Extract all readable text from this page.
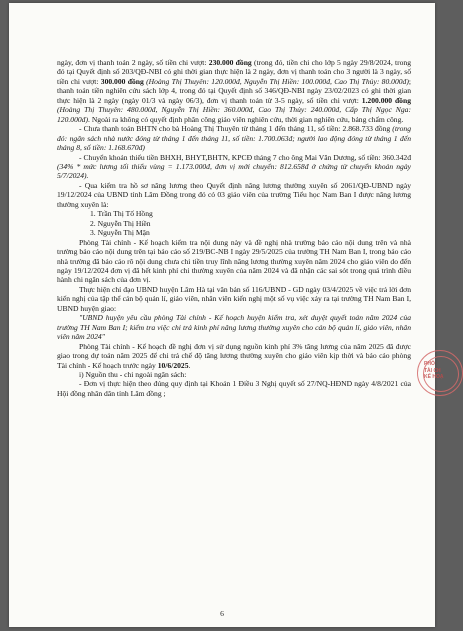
ngày, đơn vị thanh toán 2 ngày, số tiền chi vượt: 230.000 đồng (trong đó, tiền chi cho lớp 5 ngày 29/8/2024, trong đó tại Quyết định số 203/QĐ-NBI có ghi thời gian thực hiện là 2 ngày, đơn vị thanh toán cho 3 người là 3 ngày, số tiền chi vượt: 300.000 đồng (Hoàng Thị Thuyên: 120.000đ, Nguyễn Thị Hiền: 100.000đ, Cao Thị Thủy: 80.000đ); thanh toán tiền nghiên cứu sách lớp 4, trong đó tại Quyết định số 346/QĐ-NBI ngày 23/02/2023 có ghi thời gian thực hiện là 2 ngày (ngày 01/3 và ngày 06/3), đơn vị thanh toán từ 3-5 ngày, số tiền chi vượt: 1.200.000 đồng (Hoàng Thị Thuyên: 480.000đ, Nguyễn Thị Hiền: 360.000đ, Cao Thị Thủy: 240.000đ, Cấp Thị Ngọc Nga: 120.000đ). Ngoài ra không có quyết định phân công giáo viên nghiên cứu, thời gian nghiên cứu, bảng chấm công.

- Chưa thanh toán BHTN cho bà Hoàng Thị Thuyên từ tháng 1 đến tháng 11, số tiền: 2.868.733 đồng (trong đó: ngân sách nhà nước đóng từ tháng 1 đến tháng 11, số tiền: 1.700.063đ; người lao động đóng từ tháng 1 đến tháng 8, số tiền: 1.168.670đ)

- Chuyển khoản thiếu tiền BHXH, BHYT,BHTN, KPCĐ tháng 7 cho ông Mai Văn Dương, số tiền: 360.342đ (34% * mức lương tối thiểu vùng = 1.173.000đ, đơn vị mới chuyển: 812.658đ ở chứng từ chuyển khoản ngày 5/7/2024).

- Qua kiểm tra hồ sơ nâng lương theo Quyết định nâng lương thường xuyên số 2061/QĐ-UBND ngày 19/12/2024 của UBND tỉnh Lâm Đồng trong đó có 03 giáo viên của trường Tiểu học Nam Ban I được nâng lương thường xuyên là:

1. Trần Thị Tố Hồng

2. Nguyễn Thị Hiền

3. Nguyễn Thị Mận

Phòng Tài chính - Kế hoạch kiểm tra nội dung này và đề nghị nhà trường báo cáo nội dung trên và nhà trường báo cáo nội dung trên tại báo cáo số 219/BC-NB I ngày 29/5/2025 của trường TH Nam Ban I, trong báo cáo nhà trường đã báo cáo rõ nội dung chưa chi tiền truy lĩnh nâng lương thường xuyên năm 2024 cho giáo viên do đến ngày 19/12/2024 đơn vị đã hết kinh phí chi thường xuyên của năm 2024 và đã nhận các sai sót trong quá trình điều hành chi ngân sách của đơn vị.

Thực hiện chỉ đạo UBND huyện Lâm Hà tại văn bản số 116/UBND - GD ngày 03/4/2025 về việc trả lời đơn kiến nghị của tập thể cán bộ quản lí, giáo viên, nhân viên kiến nghị một số vụ việc xảy ra tại trường TH Nam Ban I, UBND huyện giao:

"UBND huyện yêu cầu phòng Tài chính - Kế hoạch huyện kiểm tra, xét duyệt quyết toán năm 2024 của trường TH Nam Ban I; kiểm tra việc chi trả kinh phí nâng lương thường xuyên cho cán bộ quản lí, giáo viên, nhân viên năm 2024"

Phòng Tài chính - Kế hoạch đề nghị đơn vị sử dụng nguồn kinh phí 3% tăng lương của năm 2025 đã được giao trong dự toán năm 2025 để chi trả chế độ tăng lương thường xuyên cho giáo viên kịp thời và báo cáo phòng Tài chính - Kế hoạch trước ngày 10/6/2025.

i) Nguồn thu - chi ngoài ngân sách:

- Đơn vị thực hiện theo đúng quy định tại Khoản 1 Điều 3 Nghị quyết số 27/NQ-HĐND ngày 4/8/2021 của Hội đồng nhân dân tỉnh Lâm đồng ;

6
PHÒ
TÀI CH
KẾ HOẠ
